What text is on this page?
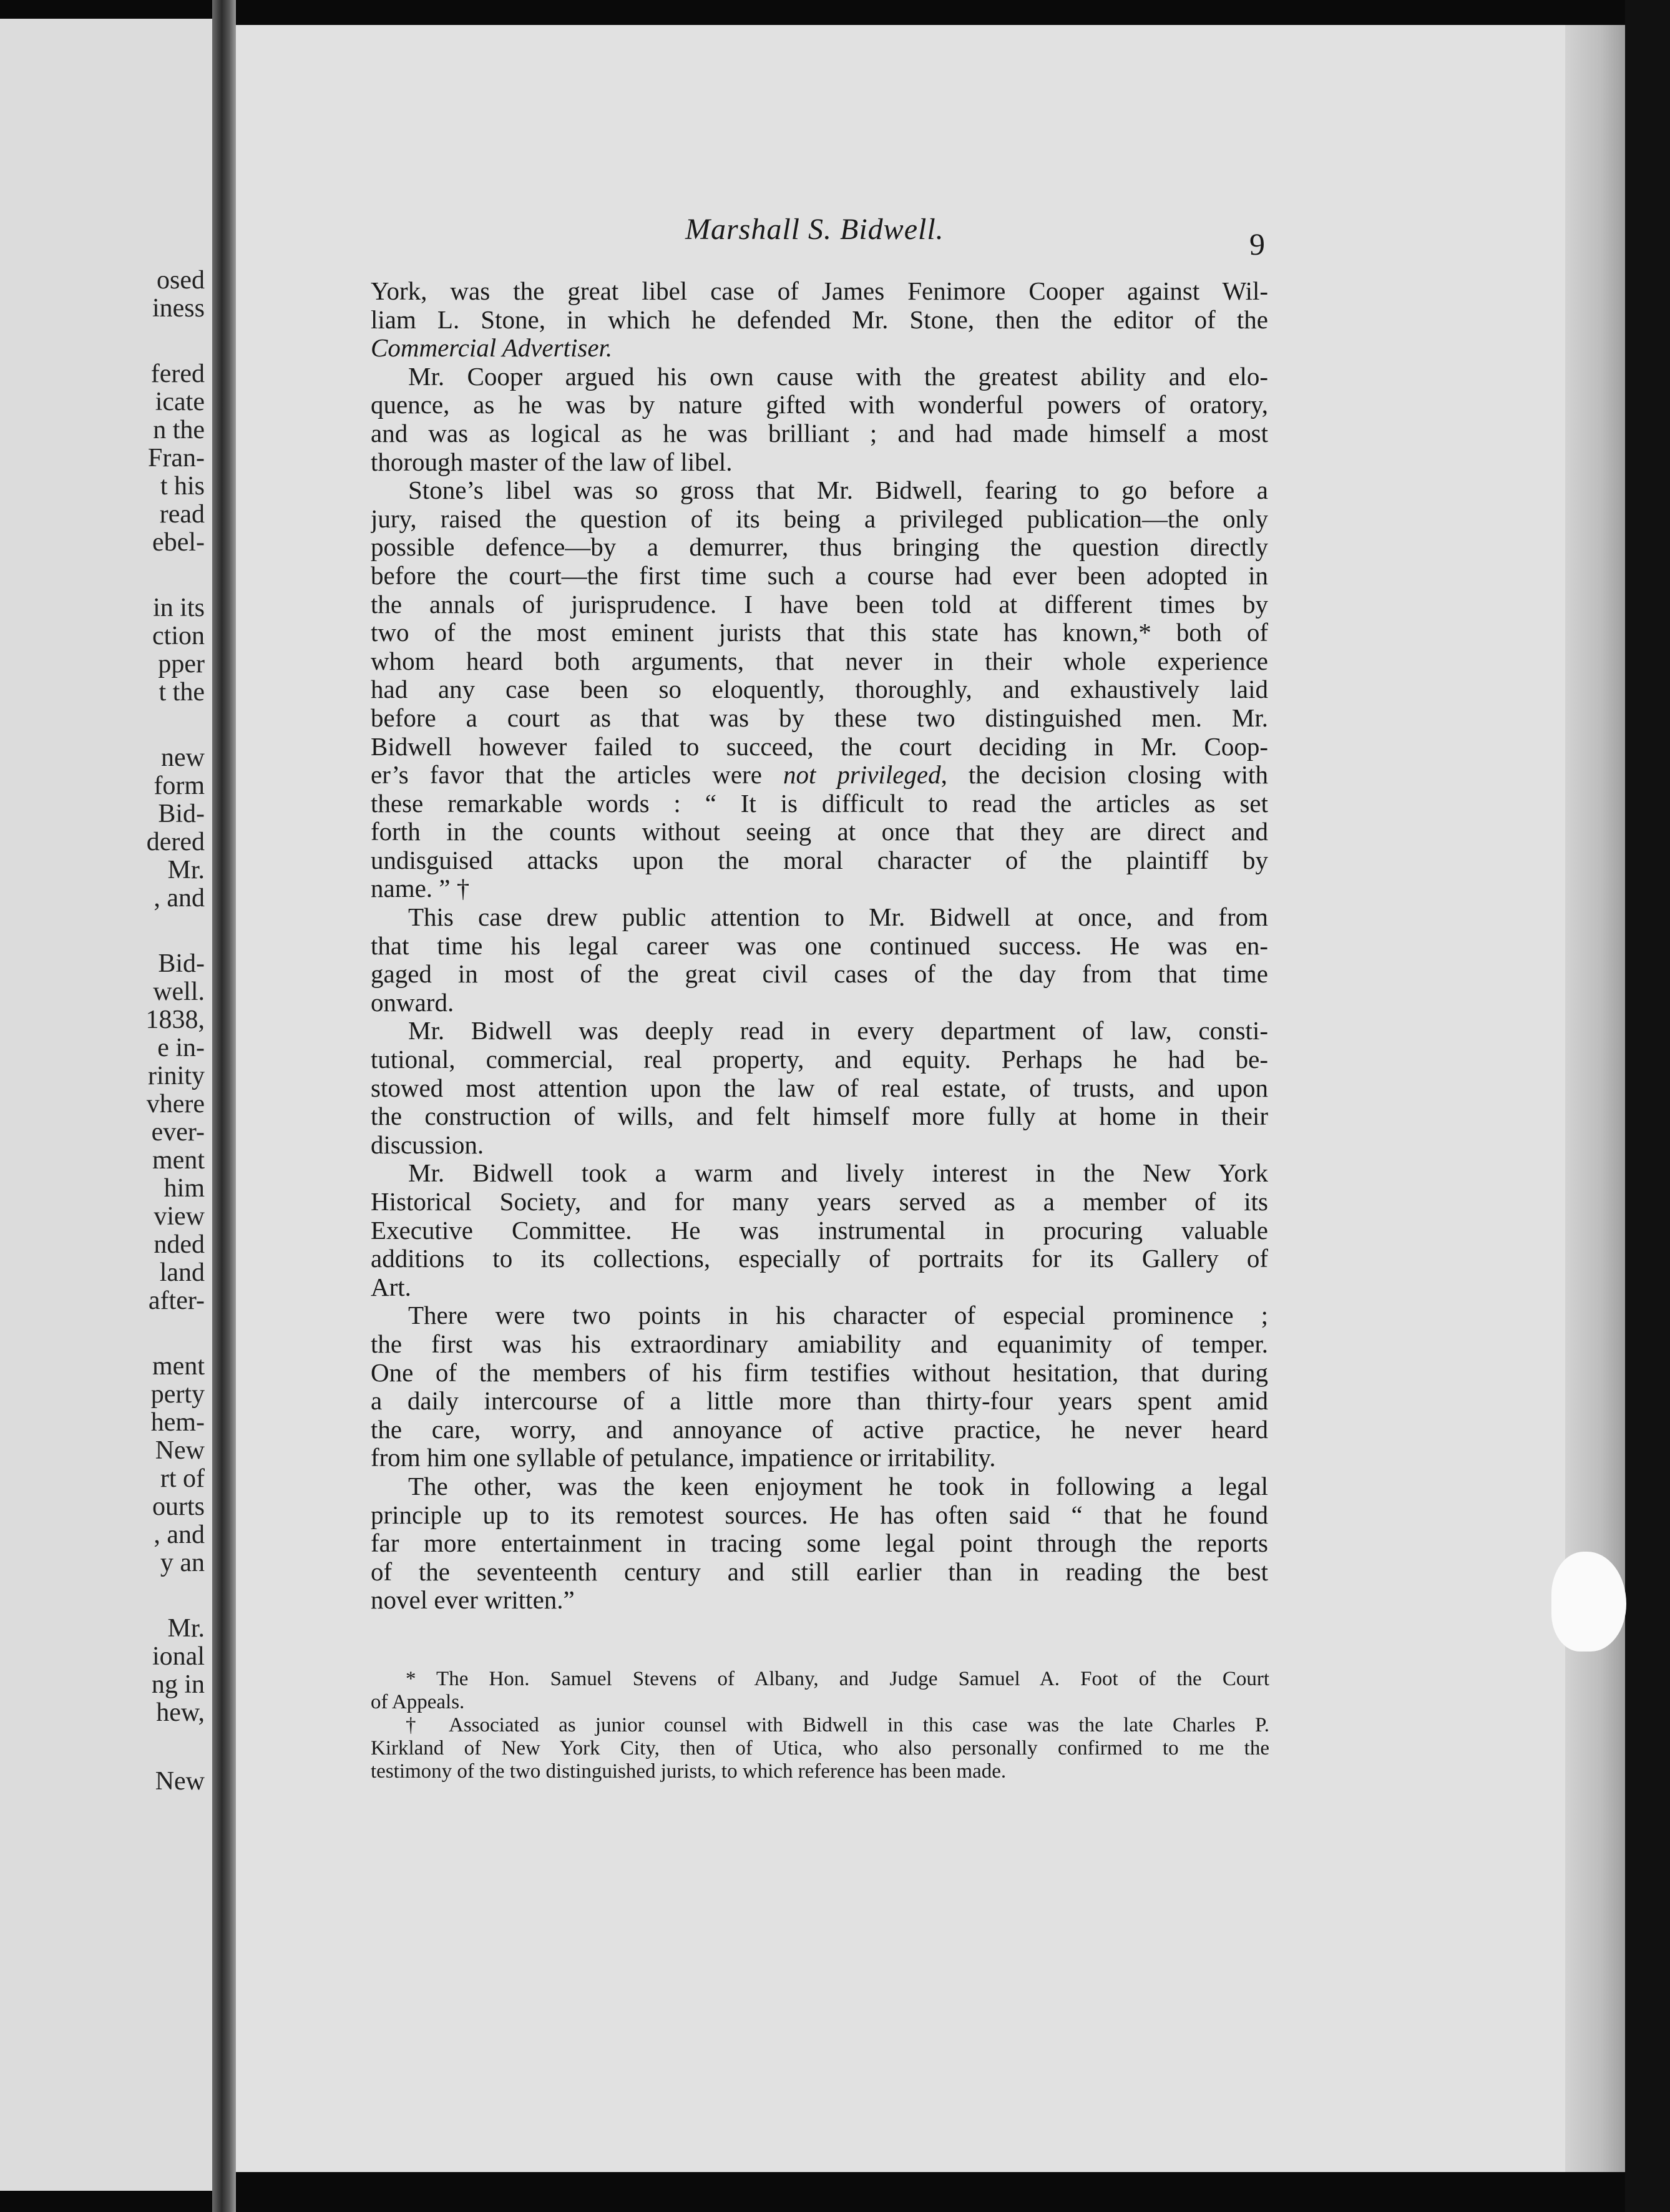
osed
iness
fered
icate
n the
Fran-
t his
read
ebel-
in its
ction
pper
t the
new
form
Bid-
dered
Mr.
, and
Bid-
well.
1838,
e in-
rinity
vhere
ever-
ment
him
view
nded
land
after-
ment
perty
hem-
New
rt of
ourts
, and
y an
Mr.
ional
ng in
hew,
New
Marshall S. Bidwell.	9
York, was the great libel case of James Fenimore Cooper against Wil-
liam L. Stone, in which he defended Mr. Stone, then the editor of the
Commercial Advertiser.
Mr. Cooper argued his own cause with the greatest ability and elo-
quence, as he was by nature gifted with wonderful powers of oratory,
and was as logical as he was brilliant ; and had made himself a most
thorough master of the law of libel.
Stone’s libel was so gross that Mr. Bidwell, fearing to go before a
jury, raised the question of its being a privileged publication—the only
possible defence—by a demurrer, thus bringing the question directly
before the court—the first time such a course had ever been adopted in
the annals of jurisprudence. I have been told at different times by
two of the most eminent jurists that this state has known,* both of
whom heard both arguments, that never in their whole experience
had any case been so eloquently, thoroughly, and exhaustively laid
before a court as that was by these two distinguished men. Mr.
Bidwell however failed to succeed, the court deciding in Mr. Coop-
er’s favor that the articles were not privileged, the decision closing with
these remarkable words : “ It is difficult to read the articles as set
forth in the counts without seeing at once that they are direct and
undisguised attacks upon the moral character of the plaintiff by
name. ” †
This case drew public attention to Mr. Bidwell at once, and from
that time his legal career was one continued success. He was en-
gaged in most of the great civil cases of the day from that time
onward.
Mr. Bidwell was deeply read in every department of law, consti-
tutional, commercial, real property, and equity. Perhaps he had be-
stowed most attention upon the law of real estate, of trusts, and upon
the construction of wills, and felt himself more fully at home in their
discussion.
Mr. Bidwell took a warm and lively interest in the New York
Historical Society, and for many years served as a member of its
Executive Committee. He was instrumental in procuring valuable
additions to its collections, especially of portraits for its Gallery of
Art.
There were two points in his character of especial prominence ;
the first was his extraordinary amiability and equanimity of temper.
One of the members of his firm testifies without hesitation, that during
a daily intercourse of a little more than thirty-four years spent amid
the care, worry, and annoyance of active practice, he never heard
from him one syllable of petulance, impatience or irritability.
The other, was the keen enjoyment he took in following a legal
principle up to its remotest sources. He has often said “ that he found
far more entertainment in tracing some legal point through the reports
of the seventeenth century and still earlier than in reading the best
novel ever written.”
* The Hon. Samuel Stevens of Albany, and Judge Samuel A. Foot of the Court
of Appeals.
† Associated as junior counsel with Bidwell in this case was the late Charles P.
Kirkland of New York City, then of Utica, who also personally confirmed to me the
testimony of the two distinguished jurists, to which reference has been made.
